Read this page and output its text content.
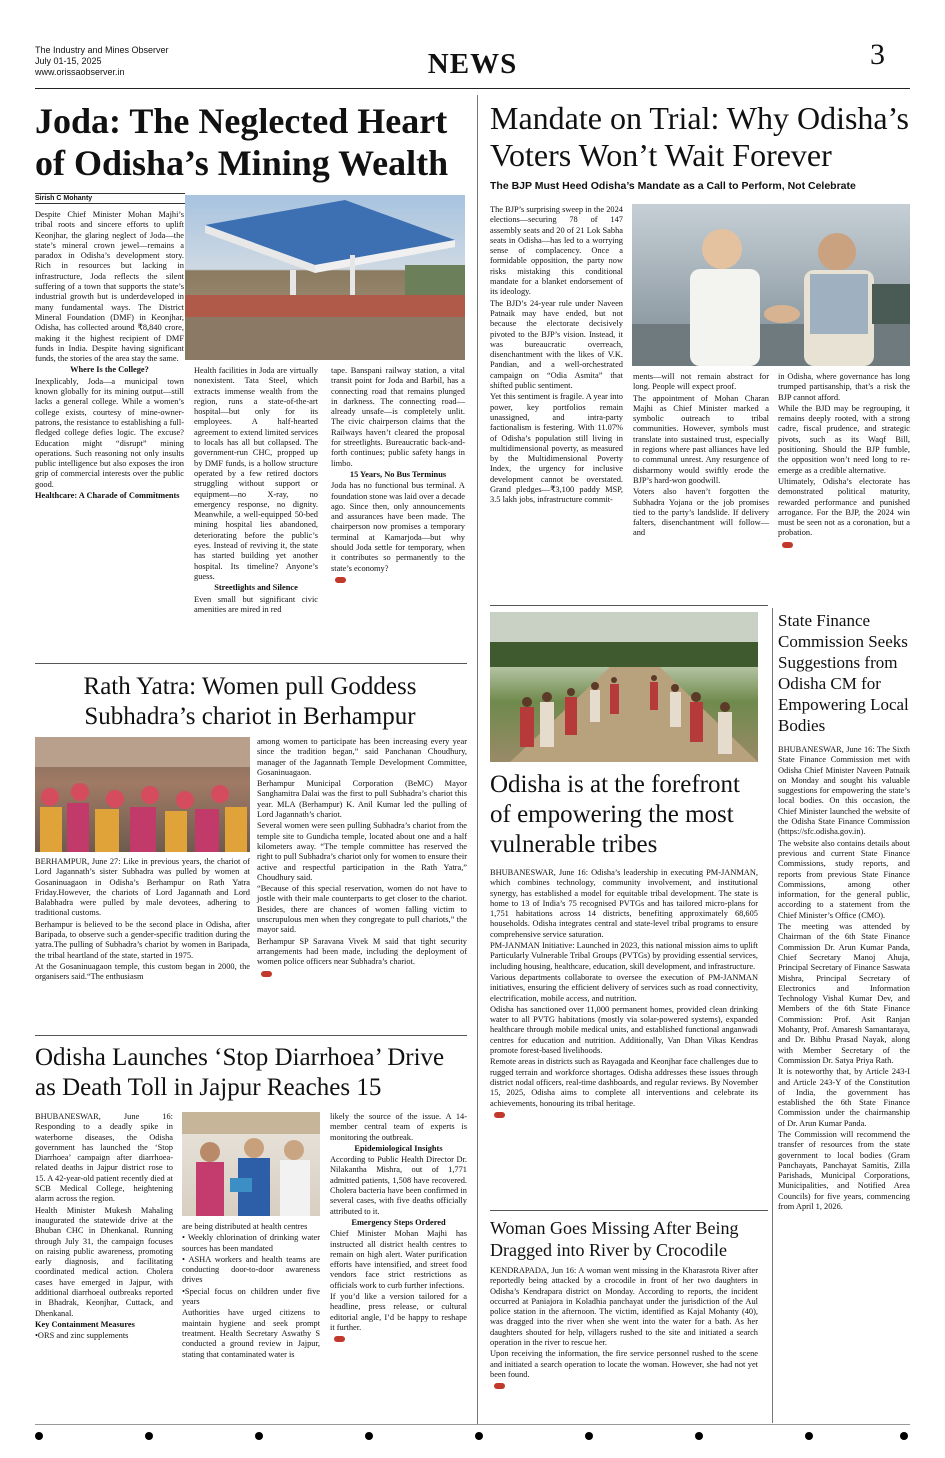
The Industry and Mines Observer
July 01-15, 2025
www.orissaobserver.in	NEWS	3
Joda: The Neglected Heart of Odisha’s Mining Wealth
Sirish C Mohanty

Despite Chief Minister Mohan Majhi’s tribal roots and sincere efforts to uplift Keonjhar, the glaring neglect of Joda—the state’s mineral crown jewel—remains a paradox in Odisha’s development story. Rich in resources but lacking in infrastructure, Joda reflects the silent suffering of a town that supports the state’s industrial growth but is underdeveloped in many fundamental ways. The District Mineral Foundation (DMF) in Keonjhar, Odisha, has collected around ₹8,840 crore, making it the highest recipient of DMF funds in India. Despite having significant funds, the stories of the area stay the same.

Where Is the College?

Inexplicably, Joda—a municipal town known globally for its mining output—still lacks a general college. While a women’s college exists, courtesy of mine-owner-patrons, the resistance to establishing a full-fledged college defies logic. The excuse? Education might “disrupt” mining operations. Such reasoning not only insults public intelligence but also exposes the iron grip of commercial interests over the public good.

Healthcare: A Charade of Commitments

Health facilities in Joda are virtually nonexistent. Tata Steel, which extracts immense wealth from the region, runs a state-of-the-art hospital—but only for its employees. A half-hearted agreement to extend limited services to locals has all but collapsed. The government-run CHC, propped up by DMF funds, is a hollow structure operated by a few retired doctors struggling without support or equipment—no X-ray, no emergency response, no dignity. Meanwhile, a well-equipped 50-bed mining hospital lies abandoned, deteriorating before the public’s eyes. Instead of reviving it, the state has started building yet another hospital. Its timeline? Anyone’s guess.

Streetlights and Silence

Even small but significant civic amenities are mired in red

tape. Banspani railway station, a vital transit point for Joda and Barbil, has a connecting road that remains plunged in darkness. The connecting road—already unsafe—is completely unlit. The civic chairperson claims that the Railways haven’t cleared the proposal for streetlights. Bureaucratic back-and-forth continues; public safety hangs in limbo.

15 Years, No Bus Terminus

Joda has no functional bus terminal. A foundation stone was laid over a decade ago. Since then, only announcements and assurances have been made. The chairperson now promises a temporary terminal at Kamarjoda—but why should Joda settle for temporary, when it contributes so permanently to the state’s economy?

Mandate on Trial: Why Odisha’s Voters Won’t Wait Forever
The BJP Must Heed Odisha’s Mandate as a Call to Perform, Not Celebrate

The BJP’s surprising sweep in the 2024 elections—securing 78 of 147 assembly seats and 20 of 21 Lok Sabha seats in Odisha—has led to a worrying sense of complacency. Once a formidable opposition, the party now risks mistaking this conditional mandate for a blanket endorsement of its ideology.

The BJD’s 24-year rule under Naveen Patnaik may have ended, but not because the electorate decisively pivoted to the BJP’s vision. Instead, it was bureaucratic overreach, disenchantment with the likes of V.K. Pandian, and a well-orchestrated campaign on “Odia Asmita” that shifted public sentiment.

Yet this sentiment is fragile. A year into power, key portfolios remain unassigned, and intra-party factionalism is festering. With 11.07% of Odisha’s population still living in multidimensional poverty, as measured by the Multidimensional Poverty Index, the urgency for inclusive development cannot be overstated. Grand pledges—₹3,100 paddy MSP, 3.5 lakh jobs, infrastructure commit-

ments—will not remain abstract for long. People will expect proof.

The appointment of Mohan Charan Majhi as Chief Minister marked a symbolic outreach to tribal communities. However, symbols must translate into sustained trust, especially in regions where past alliances have led to communal unrest. Any resurgence of disharmony would swiftly erode the BJP’s hard-won goodwill.

Voters also haven’t forgotten the Subhadra Yojana or the job promises tied to the party’s landslide. If delivery falters, disenchantment will follow—and

in Odisha, where governance has long trumped partisanship, that’s a risk the BJP cannot afford.

While the BJD may be regrouping, it remains deeply rooted, with a strong cadre, fiscal prudence, and strategic pivots, such as its Waqf Bill, positioning. Should the BJP fumble, the opposition won’t need long to re-emerge as a credible alternative.

Ultimately, Odisha’s electorate has demonstrated political maturity, rewarded performance and punished arrogance. For the BJP, the 2024 win must be seen not as a coronation, but a probation.

Rath Yatra: Women pull Goddess Subhadra’s chariot in Berhampur

BERHAMPUR, June 27: Like in previous years, the chariot of Lord Jagannath’s sister Subhadra was pulled by women at Gosaninuagaon in Odisha’s Berhampur on Rath Yatra Friday.However, the chariots of Lord Jagannath and Lord Balabhadra were pulled by male devotees, adhering to traditional customs.

Berhampur is believed to be the second place in Odisha, after Baripada, to observe such a gender-specific tradition during the yatra.The pulling of Subhadra’s chariot by women in Baripada, the tribal heartland of the state, started in 1975.

At the Gosaninuagaon temple, this custom began in 2000, the organisers said.“The enthusiasm

among women to participate has been increasing every year since the tradition began,” said Panchanan Choudhury, manager of the Jagannath Temple Development Committee, Gosaninuagaon.

Berhampur Municipal Corporation (BeMC) Mayor Sanghamitra Dalai was the first to pull Subhadra’s chariot this year. MLA (Berhampur) K. Anil Kumar led the pulling of Lord Jagannath’s chariot.

Several women were seen pulling Subhadra’s chariot from the temple site to Gundicha temple, located about one and a half kilometers away. “The temple committee has reserved the right to pull Subhadra’s chariot only for women to ensure their active and respectful participation in the Rath Yatra,” Choudhury said.

“Because of this special reservation, women do not have to jostle with their male counterparts to get closer to the chariot. Besides, there are chances of women falling victim to unscrupulous men when they congregate to pull chariots,” the mayor said.

Berhampur SP Saravana Vivek M said that tight security arrangements had been made, including the deployment of women police officers near Subhadra’s chariot.

Odisha Launches ‘Stop Diarrhoea’ Drive as Death Toll in Jajpur Reaches 15

BHUBANESWAR, June 16: Responding to a deadly spike in waterborne diseases, the Odisha government has launched the ‘Stop Diarrhoea’ campaign after diarrhoea-related deaths in Jajpur district rose to 15. A 42-year-old patient recently died at SCB Medical College, heightening alarm across the region.

Health Minister Mukesh Mahaling inaugurated the statewide drive at the Bhuban CHC in Dhenkanal. Running through July 31, the campaign focuses on raising public awareness, promoting early diagnosis, and facilitating coordinated medical action. Cholera cases have emerged in Jajpur, with additional diarrhoeal outbreaks reported in Bhadrak, Keonjhar, Cuttack, and Dhenkanal.

Key Containment Measures

•ORS and zinc supplements

are being distributed at health centres

• Weekly chlorination of drinking water sources has been mandated

• ASHA workers and health teams are conducting door-to-door awareness drives

•Special focus on children under five years

Authorities have urged citizens to maintain hygiene and seek prompt treatment. Health Secretary Aswathy S conducted a ground review in Jajpur, stating that contaminated water is

likely the source of the issue. A 14-member central team of experts is monitoring the outbreak.

Epidemiological Insights

According to Public Health Director Dr. Nilakantha Mishra, out of 1,771 admitted patients, 1,508 have recovered. Cholera bacteria have been confirmed in several cases, with five deaths officially attributed to it.

Emergency Steps Ordered

Chief Minister Mohan Majhi has instructed all district health centres to remain on high alert. Water purification efforts have intensified, and street food vendors face strict restrictions as officials work to curb further infections.

If you’d like a version tailored for a headline, press release, or cultural editorial angle, I’d be happy to reshape it further.

Odisha is at the forefront of empowering the most vulnerable tribes

BHUBANESWAR, June 16: Odisha’s leadership in executing PM-JANMAN, which combines technology, community involvement, and institutional synergy, has established a model for equitable tribal development. The state is home to 13 of India’s 75 recognised PVTGs and has tailored micro-plans for 1,751 habitations across 14 districts, benefiting approximately 68,605 households. Odisha integrates central and state-level tribal programs to ensure comprehensive service saturation.

PM-JANMAN Initiative: Launched in 2023, this national mission aims to uplift Particularly Vulnerable Tribal Groups (PVTGs) by providing essential services, including housing, healthcare, education, skill development, and infrastructure.

Various departments collaborate to oversee the execution of PM-JANMAN initiatives, ensuring the efficient delivery of services such as road connectivity, electrification, mobile access, and nutrition.

Odisha has sanctioned over 11,000 permanent homes, provided clean drinking water to all PVTG habitations (mostly via solar-powered systems), expanded healthcare through mobile medical units, and established functional anganwadi centres for education and nutrition. Additionally, Van Dhan Vikas Kendras promote forest-based livelihoods.

Remote areas in districts such as Rayagada and Keonjhar face challenges due to rugged terrain and workforce shortages. Odisha addresses these issues through district nodal officers, real-time dashboards, and regular reviews. By November 15, 2025, Odisha aims to complete all interventions and celebrate its achievements, honouring its tribal heritage.

Woman Goes Missing After Being Dragged into River by Crocodile

KENDRAPADA, Jun 16: A woman went missing in the Kharasrota River after reportedly being attacked by a crocodile in front of her two daughters in Odisha’s Kendrapara district on Monday. According to reports, the incident occurred at Paniajora in Koladhia panchayat under the jurisdiction of the Aul police station in the afternoon. The victim, identified as Kajal Mohanty (40), was dragged into the river when she went into the water for a bath. As her daughters shouted for help, villagers rushed to the site and initiated a search operation in the river to rescue her.

Upon receiving the information, the fire service personnel rushed to the scene and initiated a search operation to locate the woman. However, she had not yet been found.

State Finance Commission Seeks Suggestions from Odisha CM for Empowering Local Bodies

BHUBANESWAR, June 16: The Sixth State Finance Commission met with Odisha Chief Minister Naveen Patnaik on Monday and sought his valuable suggestions for empowering the state’s local bodies. On this occasion, the Chief Minister launched the website of the Odisha State Finance Commission (https://sfc.odisha.gov.in).

The website also contains details about previous and current State Finance Commissions, study reports, and reports from previous State Finance Commissions, among other information, for the general public, according to a statement from the Chief Minister’s Office (CMO).

The meeting was attended by Chairman of the 6th State Finance Commission Dr. Arun Kumar Panda, Chief Secretary Manoj Ahuja, Principal Secretary of Finance Saswata Mishra, Principal Secretary of Electronics and Information Technology Vishal Kumar Dev, and Members of the 6th State Finance Commission: Prof. Asit Ranjan Mohanty, Prof. Amaresh Samantaraya, and Dr. Bibhu Prasad Nayak, along with Member Secretary of the Commission Dr. Satya Priya Rath.

It is noteworthy that, by Article 243-I and Article 243-Y of the Constitution of India, the government has established the 6th State Finance Commission under the chairmanship of Dr. Arun Kumar Panda.

The Commission will recommend the transfer of resources from the state government to local bodies (Gram Panchayats, Panchayat Samitis, Zilla Parishads, Municipal Corporations, Municipalities, and Notified Area Councils) for five years, commencing from April 1, 2026.
